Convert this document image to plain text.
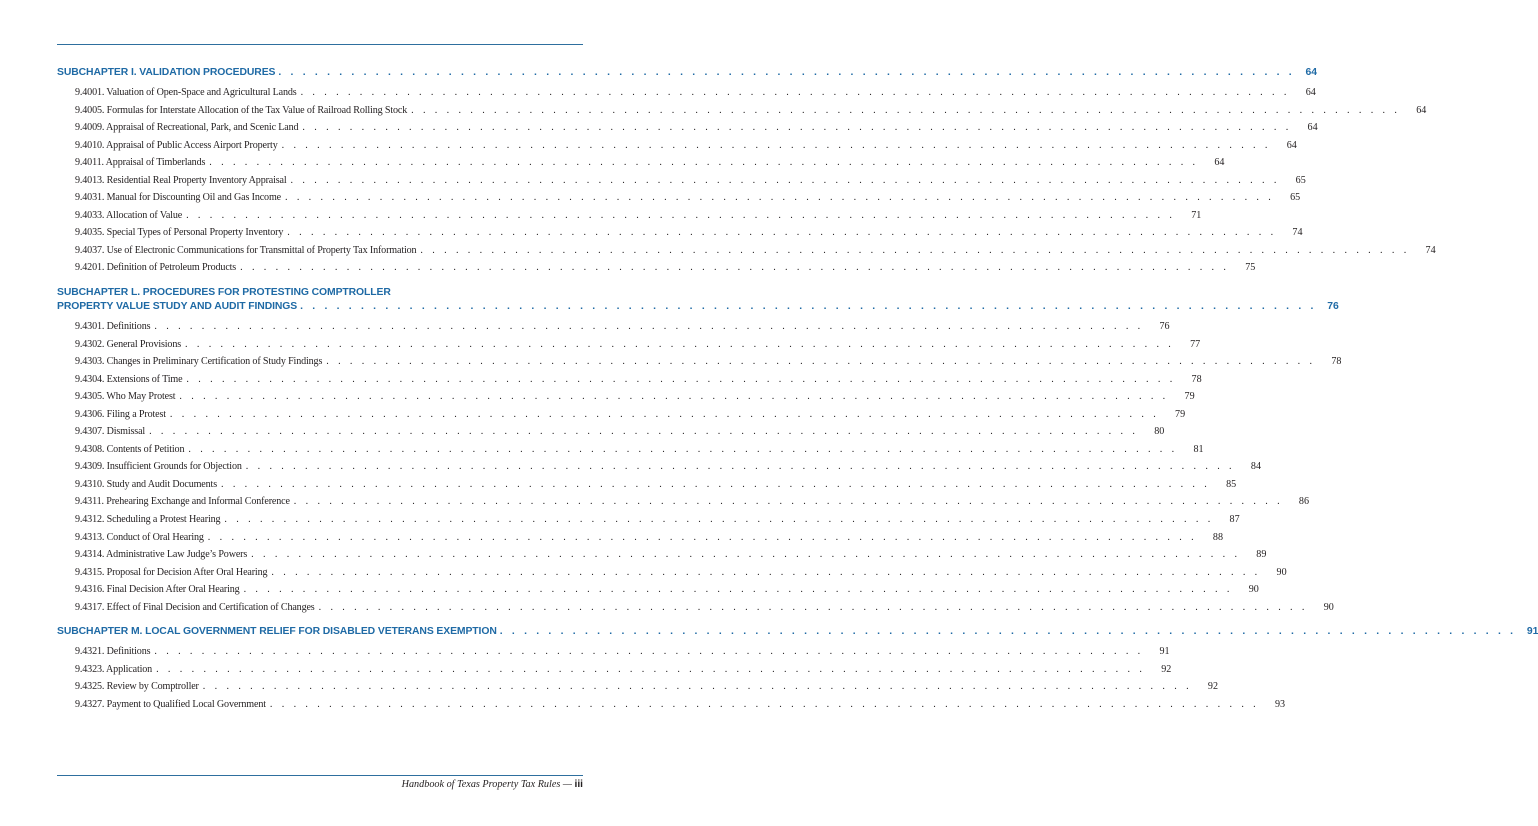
SUBCHAPTER I. VALIDATION PROCEDURES . . . . . . . . . . . . . . . . . . . . . . . . . . . . . . . . . . . . . . . . . . . . . . . . . . . . . . . . . . . . . . . . . . . . . . . . . . . . . . . . . . . .	64
9.4001. Valuation of Open-Space and Agricultural Lands . . . . . . . . . . . . . . . . . . . . . . . . . . . . . . . . . . . . . . . . . . . . . . . . . . . . . . . . . . . . . . . . . . . . . . . . . . . . . . . . . . . .	64
9.4005. Formulas for Interstate Allocation of the Tax Value of Railroad Rolling Stock . . . . . . . . . . . . . . . . . . . . . . . . . . . . . . . . . . . . . . . . . . . . . . . . . . . . . . . . . . . . . . . . . . . . . . . . . . . . . . . . . . . .	64
9.4009. Appraisal of Recreational, Park, and Scenic Land . . . . . . . . . . . . . . . . . . . . . . . . . . . . . . . . . . . . . . . . . . . . . . . . . . . . . . . . . . . . . . . . . . . . . . . . . . . . . . . . . . . .	64
9.4010. Appraisal of Public Access Airport Property . . . . . . . . . . . . . . . . . . . . . . . . . . . . . . . . . . . . . . . . . . . . . . . . . . . . . . . . . . . . . . . . . . . . . . . . . . . . . . . . . . . .	64
9.4011. Appraisal of Timberlands . . . . . . . . . . . . . . . . . . . . . . . . . . . . . . . . . . . . . . . . . . . . . . . . . . . . . . . . . . . . . . . . . . . . . . . . . . . . . . . . . . . .	64
9.4013. Residential Real Property Inventory Appraisal . . . . . . . . . . . . . . . . . . . . . . . . . . . . . . . . . . . . . . . . . . . . . . . . . . . . . . . . . . . . . . . . . . . . . . . . . . . . . . . . . . . .	65
9.4031. Manual for Discounting Oil and Gas Income . . . . . . . . . . . . . . . . . . . . . . . . . . . . . . . . . . . . . . . . . . . . . . . . . . . . . . . . . . . . . . . . . . . . . . . . . . . . . . . . . . . .	65
9.4033. Allocation of Value . . . . . . . . . . . . . . . . . . . . . . . . . . . . . . . . . . . . . . . . . . . . . . . . . . . . . . . . . . . . . . . . . . . . . . . . . . . . . . . . . . . .	71
9.4035. Special Types of Personal Property Inventory . . . . . . . . . . . . . . . . . . . . . . . . . . . . . . . . . . . . . . . . . . . . . . . . . . . . . . . . . . . . . . . . . . . . . . . . . . . . . . . . . . . .	74
9.4037. Use of Electronic Communications for Transmittal of Property Tax Information . . . . . . . . . . . . . . . . . . . . . . . . . . . . . . . . . . . . . . . . . . . . . . . . . . . . . . . . . . . . . . . . . . . . . . . . . . . . . . . . . . . .	74
9.4201. Definition of Petroleum Products . . . . . . . . . . . . . . . . . . . . . . . . . . . . . . . . . . . . . . . . . . . . . . . . . . . . . . . . . . . . . . . . . . . . . . . . . . . . . . . . . . . .	75
SUBCHAPTER L. PROCEDURES FOR PROTESTING COMPTROLLER
PROPERTY VALUE STUDY AND AUDIT FINDINGS . . . . . . . . . . . . . . . . . . . . . . . . . . . . . . . . . . . . . . . . . . . . . . . . . . . . . . . . . . . . . . . . . . . . . . . . . . . . . . . . . . . .	76
9.4301. Definitions . . . . . . . . . . . . . . . . . . . . . . . . . . . . . . . . . . . . . . . . . . . . . . . . . . . . . . . . . . . . . . . . . . . . . . . . . . . . . . . . . . . .	76
9.4302. General Provisions . . . . . . . . . . . . . . . . . . . . . . . . . . . . . . . . . . . . . . . . . . . . . . . . . . . . . . . . . . . . . . . . . . . . . . . . . . . . . . . . . . . .	77
9.4303. Changes in Preliminary Certification of Study Findings . . . . . . . . . . . . . . . . . . . . . . . . . . . . . . . . . . . . . . . . . . . . . . . . . . . . . . . . . . . . . . . . . . . . . . . . . . . . . . . . . . . .	78
9.4304. Extensions of Time . . . . . . . . . . . . . . . . . . . . . . . . . . . . . . . . . . . . . . . . . . . . . . . . . . . . . . . . . . . . . . . . . . . . . . . . . . . . . . . . . . . .	78
9.4305. Who May Protest . . . . . . . . . . . . . . . . . . . . . . . . . . . . . . . . . . . . . . . . . . . . . . . . . . . . . . . . . . . . . . . . . . . . . . . . . . . . . . . . . . . .	79
9.4306. Filing a Protest . . . . . . . . . . . . . . . . . . . . . . . . . . . . . . . . . . . . . . . . . . . . . . . . . . . . . . . . . . . . . . . . . . . . . . . . . . . . . . . . . . . .	79
9.4307. Dismissal . . . . . . . . . . . . . . . . . . . . . . . . . . . . . . . . . . . . . . . . . . . . . . . . . . . . . . . . . . . . . . . . . . . . . . . . . . . . . . . . . . . .	80
9.4308. Contents of Petition . . . . . . . . . . . . . . . . . . . . . . . . . . . . . . . . . . . . . . . . . . . . . . . . . . . . . . . . . . . . . . . . . . . . . . . . . . . . . . . . . . . .	81
9.4309. Insufficient Grounds for Objection . . . . . . . . . . . . . . . . . . . . . . . . . . . . . . . . . . . . . . . . . . . . . . . . . . . . . . . . . . . . . . . . . . . . . . . . . . . . . . . . . . . .	84
9.4310. Study and Audit Documents . . . . . . . . . . . . . . . . . . . . . . . . . . . . . . . . . . . . . . . . . . . . . . . . . . . . . . . . . . . . . . . . . . . . . . . . . . . . . . . . . . . .	85
9.4311. Prehearing Exchange and Informal Conference . . . . . . . . . . . . . . . . . . . . . . . . . . . . . . . . . . . . . . . . . . . . . . . . . . . . . . . . . . . . . . . . . . . . . . . . . . . . . . . . . . . .	86
9.4312. Scheduling a Protest Hearing . . . . . . . . . . . . . . . . . . . . . . . . . . . . . . . . . . . . . . . . . . . . . . . . . . . . . . . . . . . . . . . . . . . . . . . . . . . . . . . . . . . .	87
9.4313. Conduct of Oral Hearing . . . . . . . . . . . . . . . . . . . . . . . . . . . . . . . . . . . . . . . . . . . . . . . . . . . . . . . . . . . . . . . . . . . . . . . . . . . . . . . . . . . .	88
9.4314. Administrative Law Judge’s Powers . . . . . . . . . . . . . . . . . . . . . . . . . . . . . . . . . . . . . . . . . . . . . . . . . . . . . . . . . . . . . . . . . . . . . . . . . . . . . . . . . . . .	89
9.4315. Proposal for Decision After Oral Hearing . . . . . . . . . . . . . . . . . . . . . . . . . . . . . . . . . . . . . . . . . . . . . . . . . . . . . . . . . . . . . . . . . . . . . . . . . . . . . . . . . . . .	90
9.4316. Final Decision After Oral Hearing . . . . . . . . . . . . . . . . . . . . . . . . . . . . . . . . . . . . . . . . . . . . . . . . . . . . . . . . . . . . . . . . . . . . . . . . . . . . . . . . . . . .	90
9.4317. Effect of Final Decision and Certification of Changes . . . . . . . . . . . . . . . . . . . . . . . . . . . . . . . . . . . . . . . . . . . . . . . . . . . . . . . . . . . . . . . . . . . . . . . . . . . . . . . . . . . .	90
SUBCHAPTER M. LOCAL GOVERNMENT RELIEF FOR DISABLED VETERANS EXEMPTION . . . . . . . . . . . . . . . . . . . . . . . . . . . . . . . . . . . . . . . . . . . . . . . . . . . . . . . . . . . . . . . . . . . . . . . . . . . . . . . . . . . .	91
9.4321. Definitions . . . . . . . . . . . . . . . . . . . . . . . . . . . . . . . . . . . . . . . . . . . . . . . . . . . . . . . . . . . . . . . . . . . . . . . . . . . . . . . . . . . .	91
9.4323. Application . . . . . . . . . . . . . . . . . . . . . . . . . . . . . . . . . . . . . . . . . . . . . . . . . . . . . . . . . . . . . . . . . . . . . . . . . . . . . . . . . . . .	92
9.4325. Review by Comptroller . . . . . . . . . . . . . . . . . . . . . . . . . . . . . . . . . . . . . . . . . . . . . . . . . . . . . . . . . . . . . . . . . . . . . . . . . . . . . . . . . . . .	92
9.4327. Payment to Qualified Local Government . . . . . . . . . . . . . . . . . . . . . . . . . . . . . . . . . . . . . . . . . . . . . . . . . . . . . . . . . . . . . . . . . . . . . . . . . . . . . . . . . . . .	93
Handbook of Texas Property Tax Rules — iii
